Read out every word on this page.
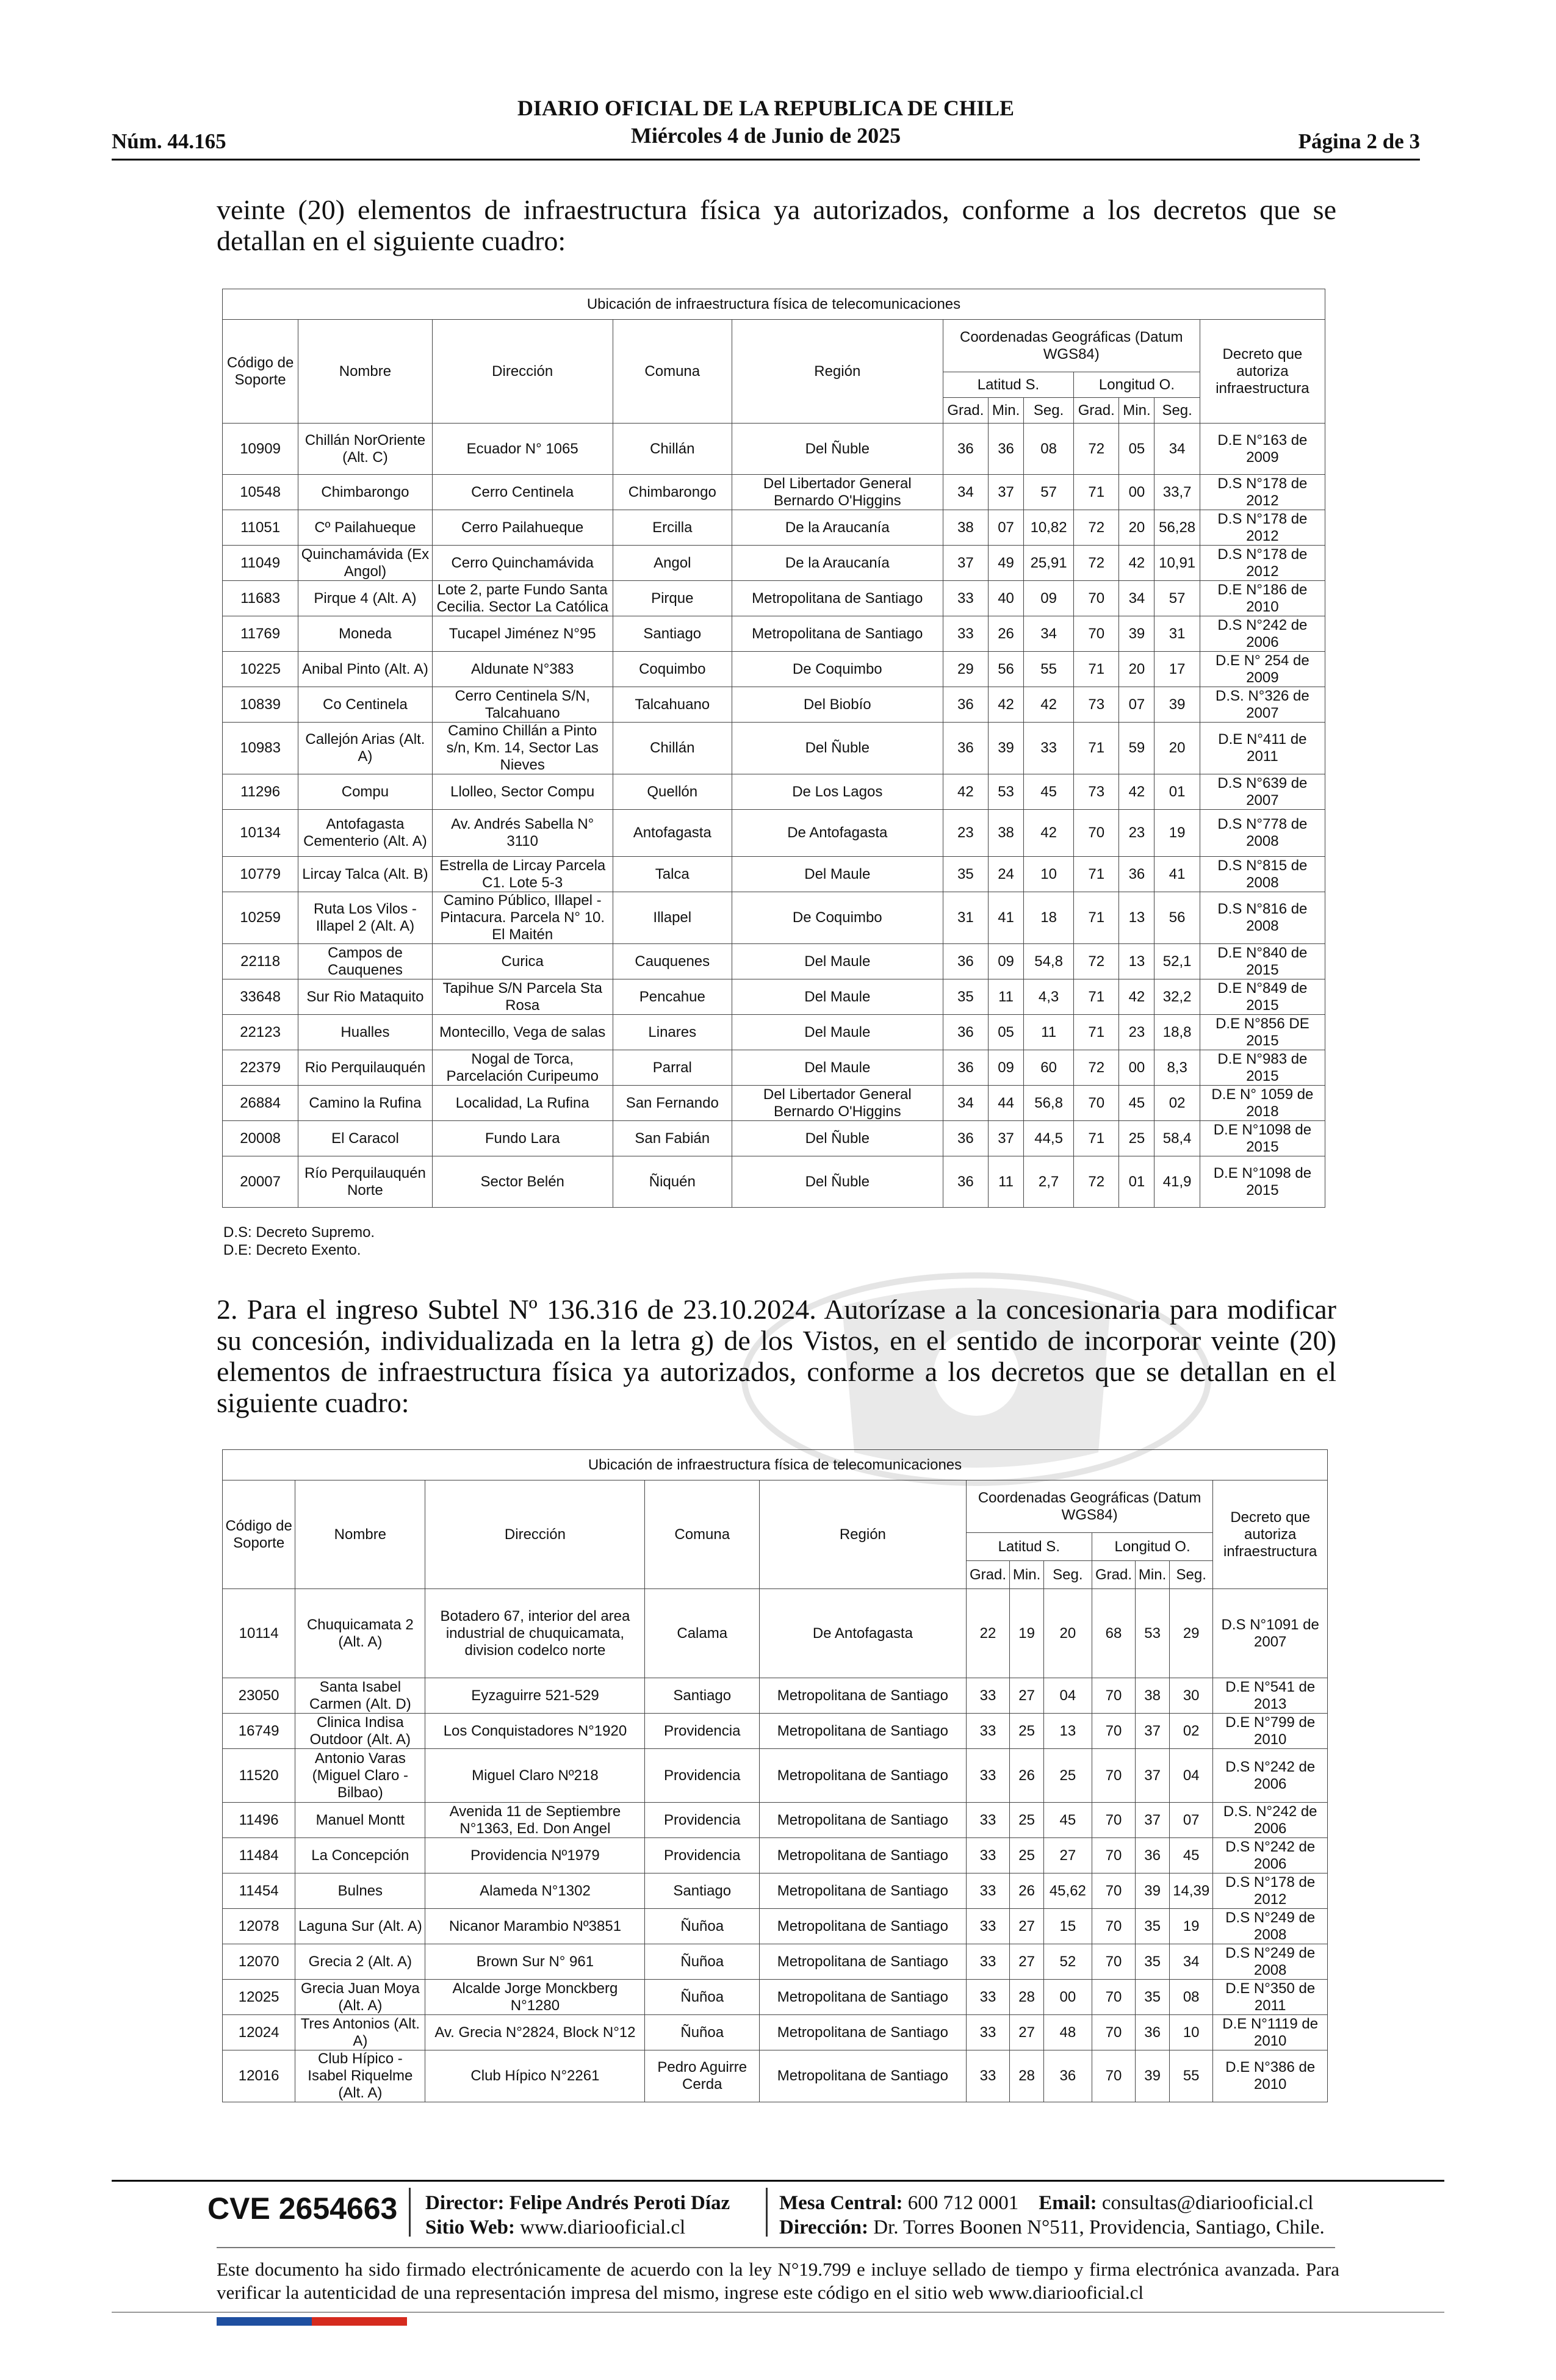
Núm. 44.165
DIARIO OFICIAL DE LA REPUBLICA DE CHILE
Miércoles 4 de Junio de 2025	Página 2 de 3
veinte (20) elementos de infraestructura física ya autorizados, conforme a los decretos que se detallan en el siguiente cuadro:
Ubicación de infraestructura física de telecomunicaciones											
Código de Soporte	Nombre	Dirección	Comuna	Región	Coordenadas Geográficas (Datum WGS84)						Decreto que autoriza infraestructura
					Latitud S.			Longitud O.			
					Grad.	Min.	Seg.	Grad.	Min.	Seg.	
10909	Chillán NorOriente (Alt. C)	Ecuador N° 1065	Chillán	Del Ñuble	36	36	08	72	05	34	D.E N°163 de 2009
10548	Chimbarongo	Cerro Centinela	Chimbarongo	Del Libertador General Bernardo O'Higgins	34	37	57	71	00	33,7	D.S N°178 de 2012
11051	Cº Pailahueque	Cerro Pailahueque	Ercilla	De la Araucanía	38	07	10,82	72	20	56,28	D.S N°178 de 2012
11049	Quinchamávida (Ex Angol)	Cerro Quinchamávida	Angol	De la Araucanía	37	49	25,91	72	42	10,91	D.S N°178 de 2012
11683	Pirque 4 (Alt. A)	Lote 2, parte Fundo Santa Cecilia. Sector La Católica	Pirque	Metropolitana de Santiago	33	40	09	70	34	57	D.E N°186 de 2010
11769	Moneda	Tucapel Jiménez N°95	Santiago	Metropolitana de Santiago	33	26	34	70	39	31	D.S N°242 de 2006
10225	Anibal Pinto (Alt. A)	Aldunate N°383	Coquimbo	De Coquimbo	29	56	55	71	20	17	D.E N° 254 de 2009
10839	Co Centinela	Cerro Centinela S/N, Talcahuano	Talcahuano	Del Biobío	36	42	42	73	07	39	D.S. N°326 de 2007
10983	Callejón Arias (Alt. A)	Camino Chillán a Pinto s/n, Km. 14, Sector Las Nieves	Chillán	Del Ñuble	36	39	33	71	59	20	D.E N°411 de 2011
11296	Compu	Llolleo, Sector Compu	Quellón	De Los Lagos	42	53	45	73	42	01	D.S N°639 de 2007
10134	Antofagasta Cementerio (Alt. A)	Av. Andrés Sabella N° 3110	Antofagasta	De Antofagasta	23	38	42	70	23	19	D.S N°778 de 2008
10779	Lircay Talca (Alt. B)	Estrella de Lircay Parcela C1. Lote 5-3	Talca	Del Maule	35	24	10	71	36	41	D.S N°815 de 2008
10259	Ruta Los Vilos - Illapel 2 (Alt. A)	Camino Público, Illapel - Pintacura. Parcela N° 10. El Maitén	Illapel	De Coquimbo	31	41	18	71	13	56	D.S N°816 de 2008
22118	Campos de Cauquenes	Curica	Cauquenes	Del Maule	36	09	54,8	72	13	52,1	D.E N°840 de 2015
33648	Sur Rio Mataquito	Tapihue S/N Parcela Sta Rosa	Pencahue	Del Maule	35	11	4,3	71	42	32,2	D.E N°849 de 2015
22123	Hualles	Montecillo, Vega de salas	Linares	Del Maule	36	05	11	71	23	18,8	D.E N°856 DE 2015
22379	Rio Perquilauquén	Nogal de Torca, Parcelación Curipeumo	Parral	Del Maule	36	09	60	72	00	8,3	D.E N°983 de 2015
26884	Camino la Rufina	Localidad, La Rufina	San Fernando	Del Libertador General Bernardo O'Higgins	34	44	56,8	70	45	02	D.E N° 1059 de 2018
20008	El Caracol	Fundo Lara	San Fabián	Del Ñuble	36	37	44,5	71	25	58,4	D.E N°1098 de 2015
20007	Río Perquilauquén Norte	Sector Belén	Ñiquén	Del Ñuble	36	11	2,7	72	01	41,9	D.E N°1098 de 2015
D.S: Decreto Supremo.
D.E: Decreto Exento.
2. Para el ingreso Subtel Nº 136.316 de 23.10.2024. Autorízase a la concesionaria para modificar su concesión, individualizada en la letra g) de los Vistos, en el sentido de incorporar veinte (20) elementos de infraestructura física ya autorizados, conforme a los decretos que se detallan en el siguiente cuadro:
Ubicación de infraestructura física de telecomunicaciones											
Código de Soporte	Nombre	Dirección	Comuna	Región	Coordenadas Geográficas (Datum WGS84)						Decreto que autoriza infraestructura
					Latitud S.			Longitud O.			
					Grad.	Min.	Seg.	Grad.	Min.	Seg.	
10114	Chuquicamata 2 (Alt. A)	Botadero 67, interior del area industrial de chuquicamata, division codelco norte	Calama	De Antofagasta	22	19	20	68	53	29	D.S N°1091 de 2007
23050	Santa Isabel Carmen (Alt. D)	Eyzaguirre 521-529	Santiago	Metropolitana de Santiago	33	27	04	70	38	30	D.E N°541 de 2013
16749	Clinica Indisa Outdoor (Alt. A)	Los Conquistadores N°1920	Providencia	Metropolitana de Santiago	33	25	13	70	37	02	D.E N°799 de 2010
11520	Antonio Varas (Miguel Claro - Bilbao)	Miguel Claro Nº218	Providencia	Metropolitana de Santiago	33	26	25	70	37	04	D.S N°242 de 2006
11496	Manuel Montt	Avenida 11 de Septiembre N°1363, Ed. Don Angel	Providencia	Metropolitana de Santiago	33	25	45	70	37	07	D.S. N°242 de 2006
11484	La Concepción	Providencia Nº1979	Providencia	Metropolitana de Santiago	33	25	27	70	36	45	D.S N°242 de 2006
11454	Bulnes	Alameda N°1302	Santiago	Metropolitana de Santiago	33	26	45,62	70	39	14,39	D.S N°178 de 2012
12078	Laguna Sur (Alt. A)	Nicanor Marambio Nº3851	Ñuñoa	Metropolitana de Santiago	33	27	15	70	35	19	D.S N°249 de 2008
12070	Grecia 2 (Alt. A)	Brown Sur N° 961	Ñuñoa	Metropolitana de Santiago	33	27	52	70	35	34	D.S N°249 de 2008
12025	Grecia Juan Moya (Alt. A)	Alcalde Jorge Monckberg N°1280	Ñuñoa	Metropolitana de Santiago	33	28	00	70	35	08	D.E N°350 de 2011
12024	Tres Antonios (Alt. A)	Av. Grecia N°2824, Block N°12	Ñuñoa	Metropolitana de Santiago	33	27	48	70	36	10	D.E N°1119 de 2010
12016	Club Hípico - Isabel Riquelme (Alt. A)	Club Hípico N°2261	Pedro Aguirre Cerda	Metropolitana de Santiago	33	28	36	70	39	55	D.E N°386 de 2010
CVE 2654663 Director: Felipe Andrés Peroti Díaz
Sitio Web: www.diariooficial.cl
Mesa Central: 600 712 0001 Email: consultas@diariooficial.cl
Dirección: Dr. Torres Boonen N°511, Providencia, Santiago, Chile.
Este documento ha sido firmado electrónicamente de acuerdo con la ley N°19.799 e incluye sellado de tiempo y firma electrónica avanzada. Para verificar la autenticidad de una representación impresa del mismo, ingrese este código en el sitio web www.diariooficial.cl
